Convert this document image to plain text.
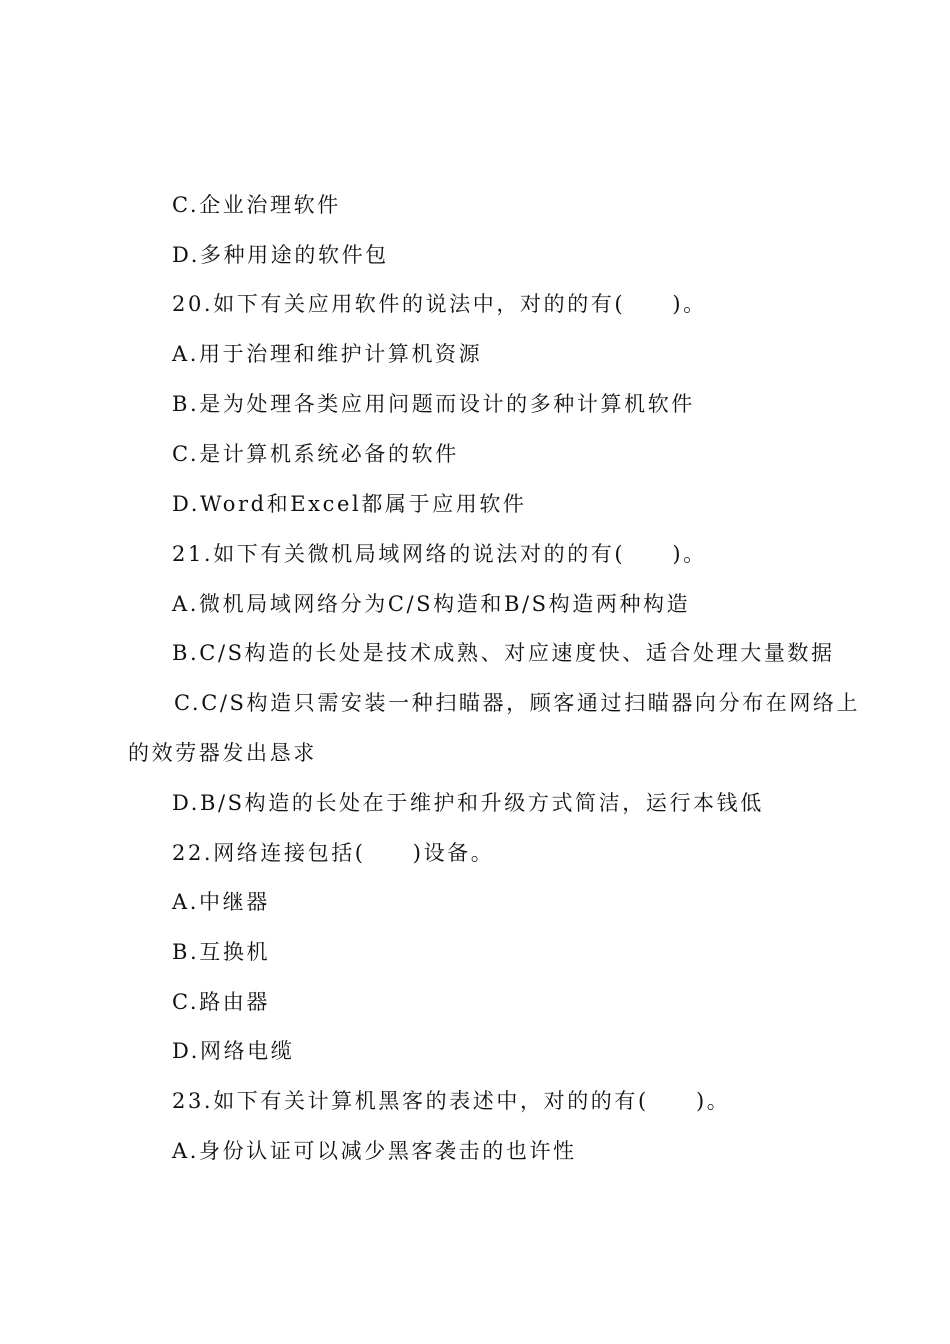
C.企业治理软件
D.多种用途的软件包
20.如下有关应用软件的说法中，对的的有(　　)。
A.用于治理和维护计算机资源
B.是为处理各类应用问题而设计的多种计算机软件
C.是计算机系统必备的软件
D.Word和Excel都属于应用软件
21.如下有关微机局域网络的说法对的的有(　　)。
A.微机局域网络分为C/S构造和B/S构造两种构造
B.C/S构造的长处是技术成熟、对应速度快、适合处理大量数据
C.C/S构造只需安装一种扫瞄器，顾客通过扫瞄器向分布在网络上
的效劳器发出恳求
D.B/S构造的长处在于维护和升级方式简洁，运行本钱低
22.网络连接包括(　　)设备。
A.中继器
B.互换机
C.路由器
D.网络电缆
23.如下有关计算机黑客的表述中，对的的有(　　)。
A.身份认证可以减少黑客袭击的也许性
